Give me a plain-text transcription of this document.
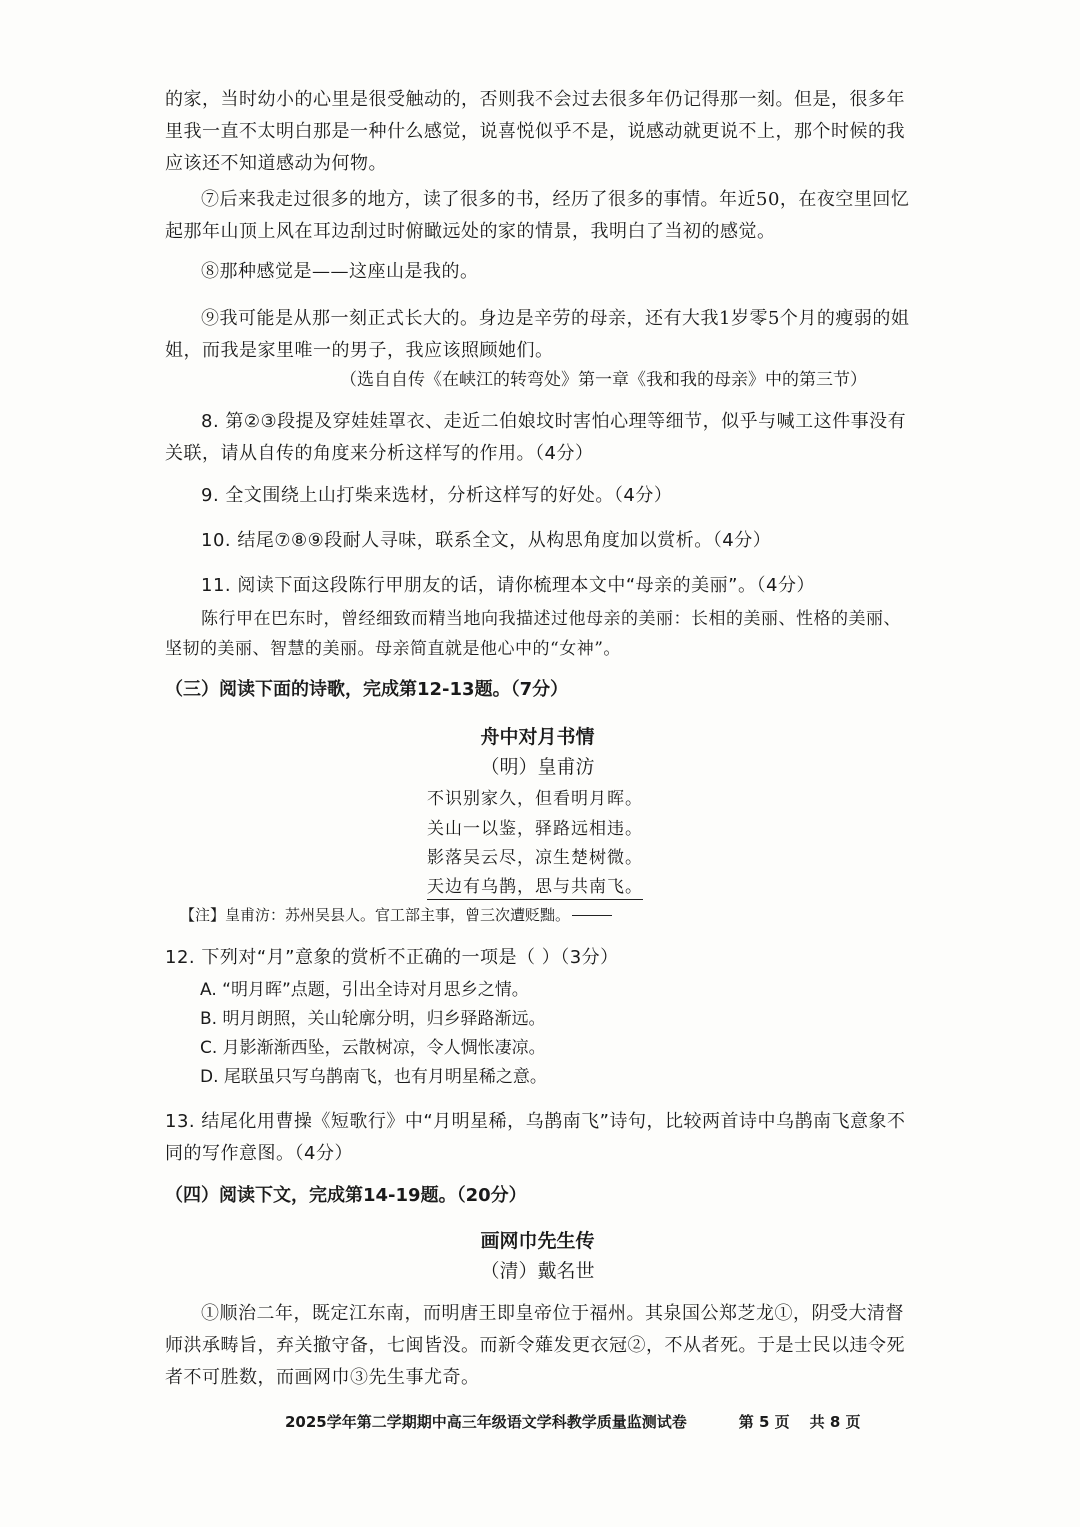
的家，当时幼小的心里是很受触动的，否则我不会过去很多年仍记得那一刻。但是，很多年里我一直不太明白那是一种什么感觉，说喜悦似乎不是，说感动就更说不上，那个时候的我应该还不知道感动为何物。

⑦后来我走过很多的地方，读了很多的书，经历了很多的事情。年近50，在夜空里回忆起那年山顶上风在耳边刮过时俯瞰远处的家的情景，我明白了当初的感觉。

⑧那种感觉是——这座山是我的。

⑨我可能是从那一刻正式长大的。身边是辛劳的母亲，还有大我1岁零5个月的瘦弱的姐姐，而我是家里唯一的男子，我应该照顾她们。

（选自自传《在峡江的转弯处》第一章《我和我的母亲》中的第三节）

8. 第②③段提及穿娃娃罩衣、走近二伯娘坟时害怕心理等细节，似乎与喊工这件事没有关联，请从自传的角度来分析这样写的作用。（4分）

9. 全文围绕上山打柴来选材，分析这样写的好处。（4分）

10. 结尾⑦⑧⑨段耐人寻味，联系全文，从构思角度加以赏析。（4分）

11. 阅读下面这段陈行甲朋友的话，请你梳理本文中“母亲的美丽”。（4分）

陈行甲在巴东时，曾经细致而精当地向我描述过他母亲的美丽：长相的美丽、性格的美丽、坚韧的美丽、智慧的美丽。母亲简直就是他心中的“女神”。

（三）阅读下面的诗歌，完成第12-13题。（7分）

舟中对月书情

（明）皇甫汸

不识别家久，但看明月晖。

关山一以鉴，驿路远相违。

影落吴云尽，凉生楚树微。

天边有乌鹊，思与共南飞。

【注】皇甫汸：苏州吴县人。官工部主事，曾三次遭贬黜。

12. 下列对“月”意象的赏析不正确的一项是（ ）（3分）

A. “明月晖”点题，引出全诗对月思乡之情。

B. 明月朗照，关山轮廓分明，归乡驿路渐远。

C. 月影渐渐西坠，云散树凉，令人惆怅凄凉。

D. 尾联虽只写乌鹊南飞，也有月明星稀之意。

13. 结尾化用曹操《短歌行》中“月明星稀，乌鹊南飞”诗句，比较两首诗中乌鹊南飞意象不同的写作意图。（4分）

（四）阅读下文，完成第14-19题。（20分）

画网巾先生传

（清）戴名世

①顺治二年，既定江东南，而明唐王即皇帝位于福州。其泉国公郑芝龙①，阴受大清督师洪承畴旨，弃关撤守备，七闽皆没。而新令薙发更衣冠②，不从者死。于是士民以违令死者不可胜数，而画网巾③先生事尤奇。

2025学年第二学期期中高三年级语文学科教学质量监测试卷	第 5 页 共 8 页
